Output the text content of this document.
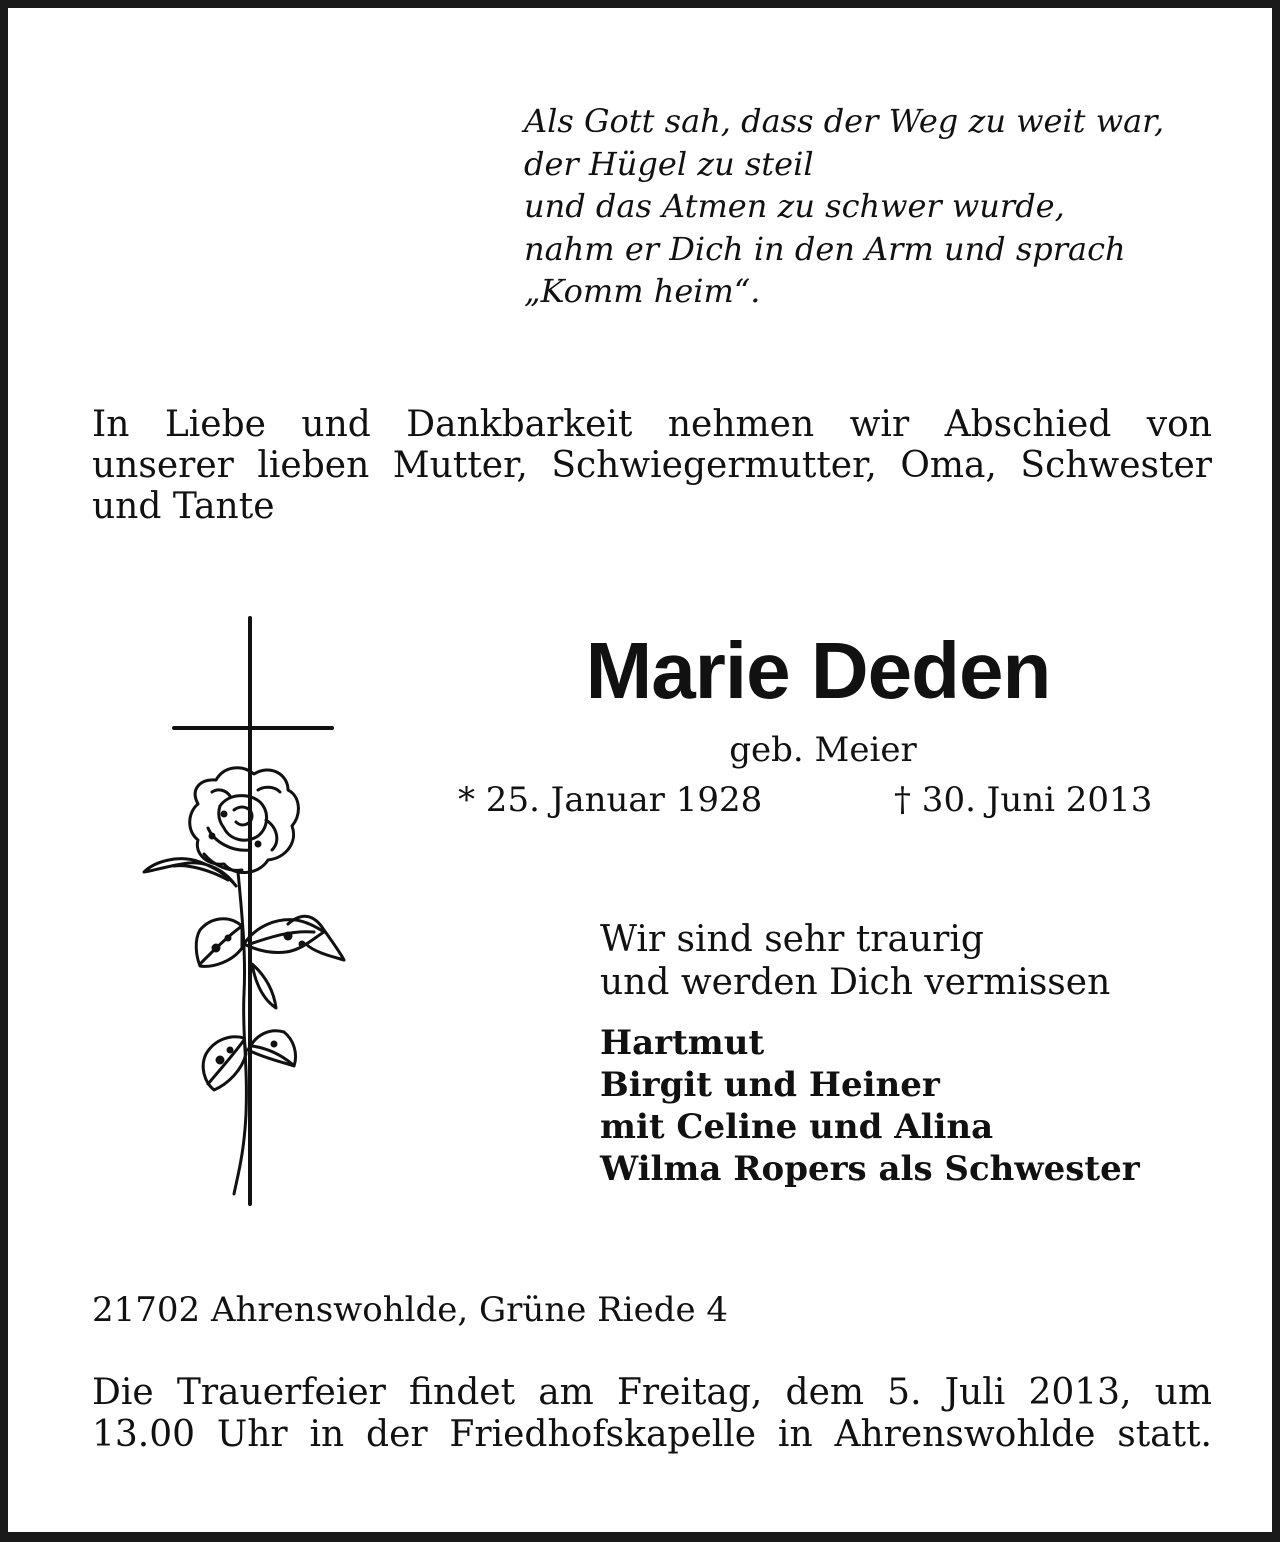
Als Gott sah, dass der Weg zu weit war,
der Hügel zu steil
und das Atmen zu schwer wurde,
nahm er Dich in den Arm und sprach
„Komm heim“.
In Liebe und Dankbarkeit nehmen wir Abschied von
unserer lieben Mutter, Schwiegermutter, Oma, Schwester
und Tante
Marie Deden
geb. Meier
* 25. Januar 1928	† 30. Juni 2013
Wir sind sehr traurig
und werden Dich vermissen
Hartmut
Birgit und Heiner
mit Celine und Alina
Wilma Ropers als Schwester
21702 Ahrenswohlde, Grüne Riede 4
Die Trauerfeier findet am Freitag, dem 5. Juli 2013, um
13.00 Uhr in der Friedhofskapelle in Ahrenswohlde statt.
